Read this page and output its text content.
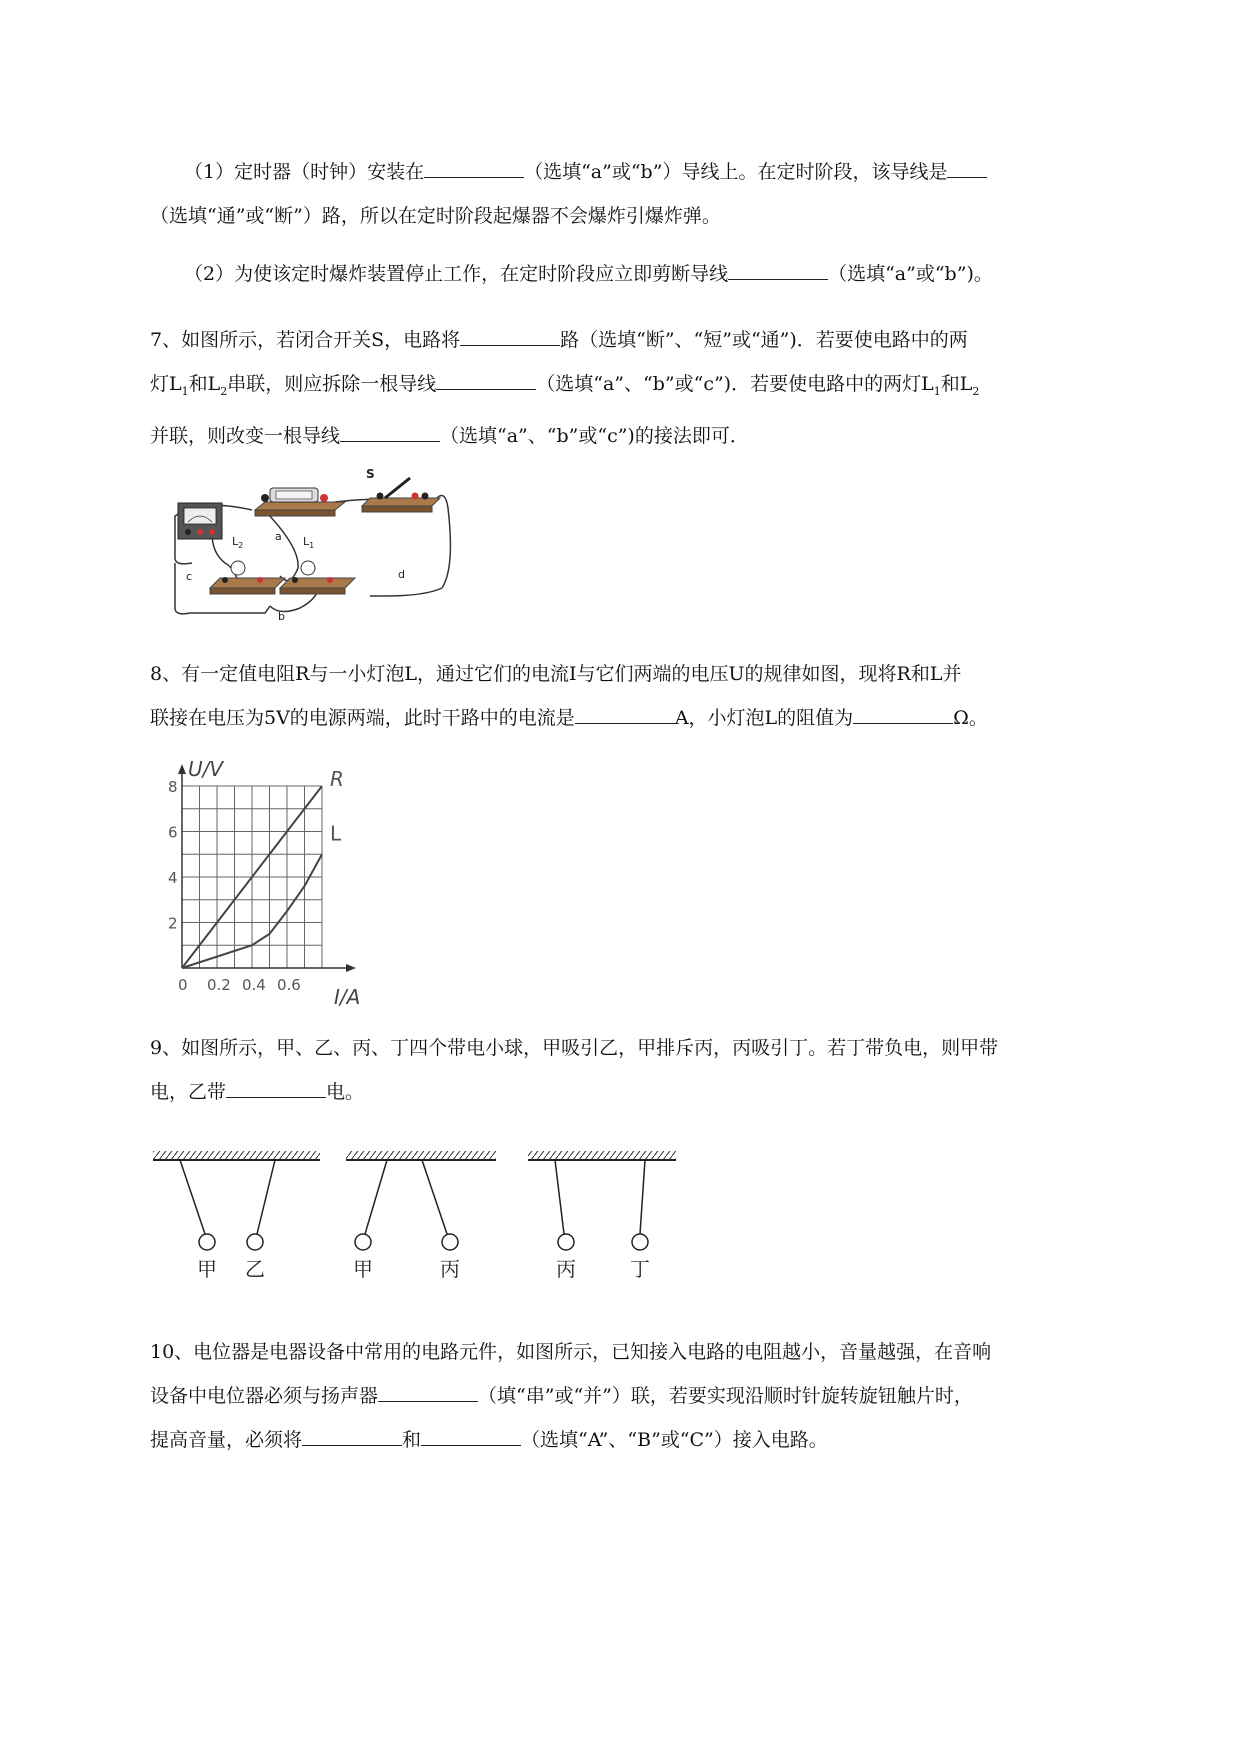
（1）定时器（时钟）安装在	（选填“a”或“b”）导线上。在定时阶段，该导线是
（选填“通”或“断”）路，所以在定时阶段起爆器不会爆炸引爆炸弹。

（2）为使该定时爆炸装置停止工作，在定时阶段应立即剪断导线	（选填“a”或“b”)。

7、如图所示，若闭合开关S，电路将	路（选填“断”、“短”或“通”)．若要使电路中的两
灯$L_1$和$L_2$串联，则应拆除一根导线	（选填“a”、“b”或“c”)．若要使电路中的两灯$L_1$和$L_2$
并联，则改变一根导线	（选填“a”、“b”或“c”)的接法即可．

S
$L_2$	$L_1$
a
b
c	d

8、有一定值电阻R与一小灯泡L，通过它们的电流I与它们两端的电压U的规律如图，现将R和L并
联接在电压为5V的电源两端，此时干路中的电流是	A，小灯泡L的阻值为	Ω。

0 0.2 0.4 0.6
2
4
6
8
U/V
I/A
R
L

9、如图所示，甲、乙、丙、丁四个带电小球，甲吸引乙，甲排斥丙，丙吸引丁。若丁带负电，则甲带
电，乙带	电。

甲 乙	甲	丙	丙	丁

10、电位器是电器设备中常用的电路元件，如图所示，已知接入电路的电阻越小，音量越强，在音响
设备中电位器必须与扬声器	（填“串”或“并”）联，若要实现沿顺时针旋转旋钮触片时，
提高音量，必须将	和	（选填“A”、“B”或“C”）接入电路。
